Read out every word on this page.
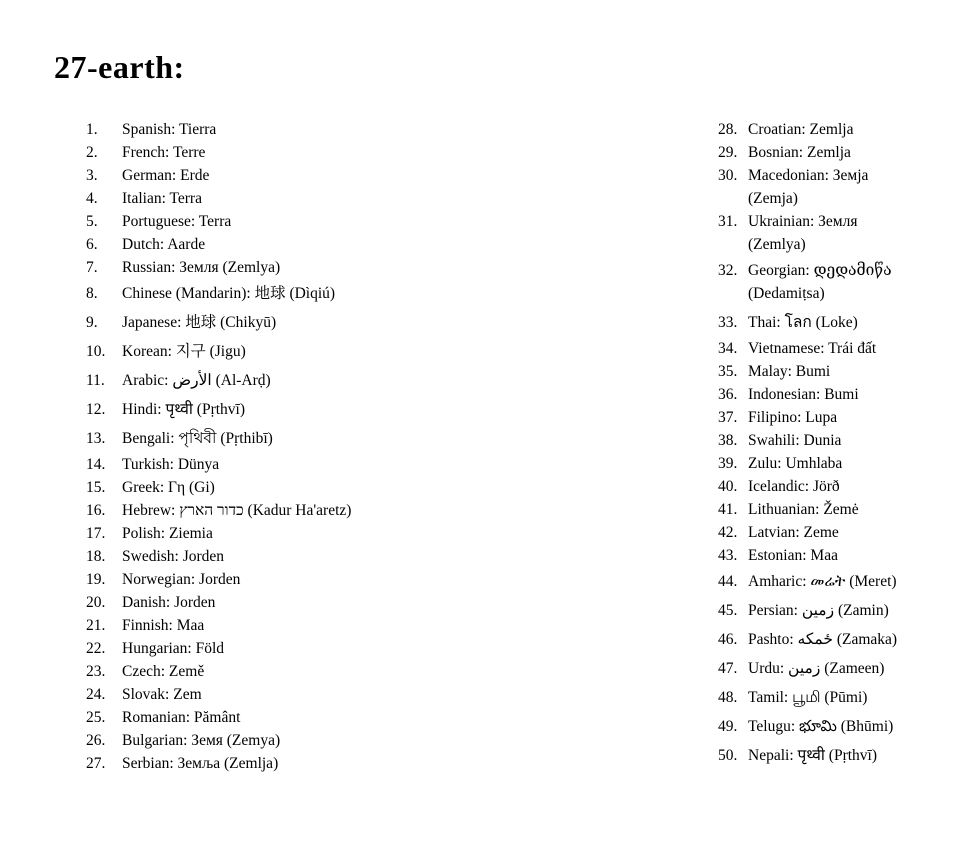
27-earth:
1.	Spanish: Tierra
2.	French: Terre
3.	German: Erde
4.	Italian: Terra
5.	Portuguese: Terra
6.	Dutch: Aarde
7.	Russian: Земля (Zemlya)
8.	Chinese (Mandarin): 地球 (Dìqiú)
9.	Japanese: 地球 (Chikyū)
10.	Korean: 지구 (Jigu)
11.	Arabic: الأرض (Al-Arḍ)
12.	Hindi: पृथ्वी (Pṛthvī)
13.	Bengali: পৃথিবী (Pṛthibī)
14.	Turkish: Dünya
15.	Greek: Γη (Gi)
16.	Hebrew: כדור הארץ (Kadur Ha'aretz)
17.	Polish: Ziemia
18.	Swedish: Jorden
19.	Norwegian: Jorden
20.	Danish: Jorden
21.	Finnish: Maa
22.	Hungarian: Föld
23.	Czech: Země
24.	Slovak: Zem
25.	Romanian: Pământ
26.	Bulgarian: Земя (Zemya)
27.	Serbian: Земља (Zemlja)
28. Croatian: Zemlja
29. Bosnian: Zemlja
30. Macedonian: Земја
(Zemja)
31. Ukrainian: Земля
(Zemlya)
32. Georgian: დედამიწა
(Dedamiṭsa)
33. Thai: โลก (Loke)
34. Vietnamese: Trái đất
35. Malay: Bumi
36. Indonesian: Bumi
37. Filipino: Lupa
38. Swahili: Dunia
39. Zulu: Umhlaba
40. Icelandic: Jörð
41. Lithuanian: Žemė
42. Latvian: Zeme
43. Estonian: Maa
44. Amharic: መሬት (Meret)
45. Persian: زمین (Zamin)
46. Pashto: ځمکه (Zamaka)
47. Urdu: زمین (Zameen)
48. Tamil: பூமி (Pūmi)
49. Telugu: భూమి (Bhūmi)
50. Nepali: पृथ्वी (Pṛthvī)
